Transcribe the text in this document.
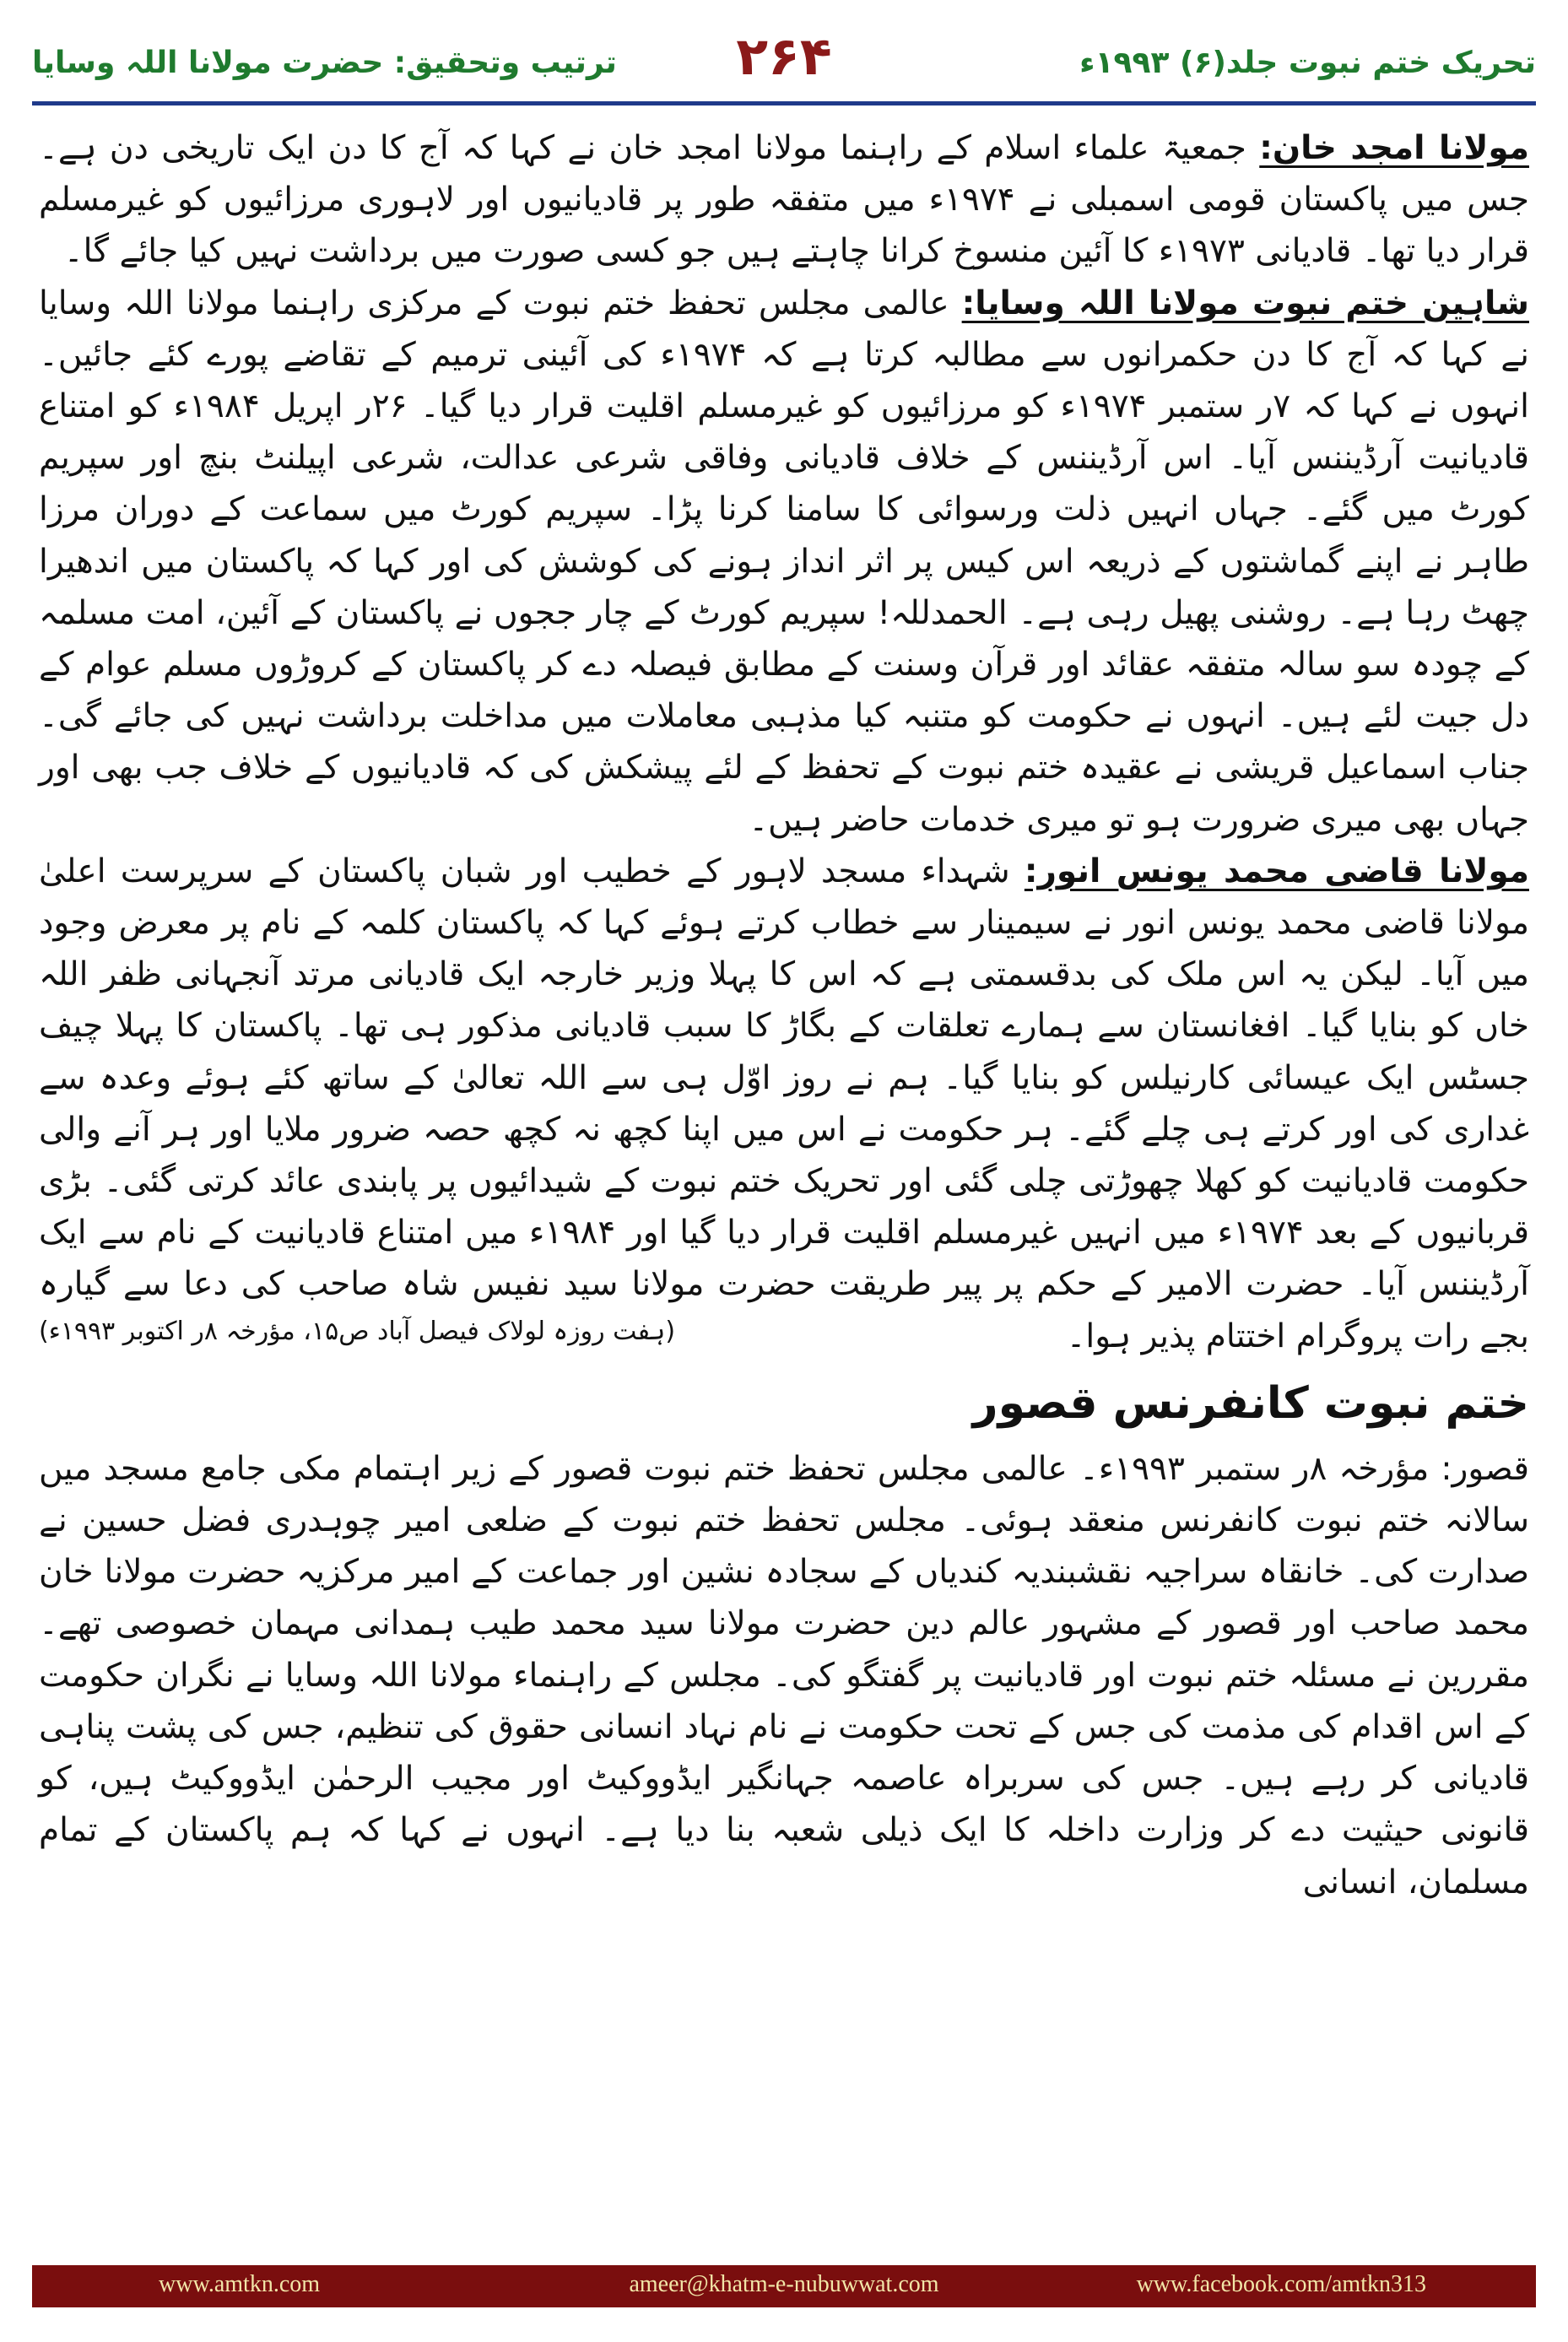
ترتیب وتحقیق: حضرت مولانا اللہ وسایا	۲۶۴	تحریک ختم نبوت جلد(۶) ۱۹۹۳ء

مولانا امجد خان: جمعیۃ علماء اسلام کے راہنما مولانا امجد خان نے کہا کہ آج کا دن ایک تاریخی دن ہے۔ جس میں پاکستان قومی اسمبلی نے ۱۹۷۴ء میں متفقہ طور پر قادیانیوں اور لاہوری مرزائیوں کو غیرمسلم قرار دیا تھا۔ قادیانی ۱۹۷۳ء کا آئین منسوخ کرانا چاہتے ہیں جو کسی صورت میں برداشت نہیں کیا جائے گا۔

شاہین ختم نبوت مولانا اللہ وسایا: عالمی مجلس تحفظ ختم نبوت کے مرکزی راہنما مولانا اللہ وسایا نے کہا کہ آج کا دن حکمرانوں سے مطالبہ کرتا ہے کہ ۱۹۷۴ء کی آئینی ترمیم کے تقاضے پورے کئے جائیں۔ انہوں نے کہا کہ ۷ر ستمبر ۱۹۷۴ء کو مرزائیوں کو غیرمسلم اقلیت قرار دیا گیا۔ ۲۶ر اپریل ۱۹۸۴ء کو امتناع قادیانیت آرڈیننس آیا۔ اس آرڈیننس کے خلاف قادیانی وفاقی شرعی عدالت، شرعی اپیلنٹ بنچ اور سپریم کورٹ میں گئے۔ جہاں انہیں ذلت ورسوائی کا سامنا کرنا پڑا۔ سپریم کورٹ میں سماعت کے دوران مرزا طاہر نے اپنے گماشتوں کے ذریعہ اس کیس پر اثر انداز ہونے کی کوشش کی اور کہا کہ پاکستان میں اندھیرا چھٹ رہا ہے۔ روشنی پھیل رہی ہے۔ الحمدللہ! سپریم کورٹ کے چار ججوں نے پاکستان کے آئین، امت مسلمہ کے چودہ سو سالہ متفقہ عقائد اور قرآن وسنت کے مطابق فیصلہ دے کر پاکستان کے کروڑوں مسلم عوام کے دل جیت لئے ہیں۔ انہوں نے حکومت کو متنبہ کیا مذہبی معاملات میں مداخلت برداشت نہیں کی جائے گی۔ جناب اسماعیل قریشی نے عقیدہ ختم نبوت کے تحفظ کے لئے پیشکش کی کہ قادیانیوں کے خلاف جب بھی اور جہاں بھی میری ضرورت ہو تو میری خدمات حاضر ہیں۔

مولانا قاضی محمد یونس انور: شہداء مسجد لاہور کے خطیب اور شبان پاکستان کے سرپرست اعلیٰ مولانا قاضی محمد یونس انور نے سیمینار سے خطاب کرتے ہوئے کہا کہ پاکستان کلمہ کے نام پر معرض وجود میں آیا۔ لیکن یہ اس ملک کی بدقسمتی ہے کہ اس کا پہلا وزیر خارجہ ایک قادیانی مرتد آنجہانی ظفر اللہ خاں کو بنایا گیا۔ افغانستان سے ہمارے تعلقات کے بگاڑ کا سبب قادیانی مذکور ہی تھا۔ پاکستان کا پہلا چیف جسٹس ایک عیسائی کارنیلس کو بنایا گیا۔ ہم نے روز اوّل ہی سے اللہ تعالیٰ کے ساتھ کئے ہوئے وعدہ سے غداری کی اور کرتے ہی چلے گئے۔ ہر حکومت نے اس میں اپنا کچھ نہ کچھ حصہ ضرور ملایا اور ہر آنے والی حکومت قادیانیت کو کھلا چھوڑتی چلی گئی اور تحریک ختم نبوت کے شیدائیوں پر پابندی عائد کرتی گئی۔ بڑی قربانیوں کے بعد ۱۹۷۴ء میں انہیں غیرمسلم اقلیت قرار دیا گیا اور ۱۹۸۴ء میں امتناع قادیانیت کے نام سے ایک آرڈیننس آیا۔ حضرت الامیر کے حکم پر پیر طریقت حضرت مولانا سید نفیس شاہ صاحب کی دعا سے گیارہ بجے رات پروگرام اختتام پذیر ہوا۔
(ہفت روزہ لولاک فیصل آباد ص۱۵، مؤرخہ ۸ر اکتوبر ۱۹۹۳ء)

ختم نبوت کانفرنس قصور

قصور: مؤرخہ ۸ر ستمبر ۱۹۹۳ء۔ عالمی مجلس تحفظ ختم نبوت قصور کے زیر اہتمام مکی جامع مسجد میں سالانہ ختم نبوت کانفرنس منعقد ہوئی۔ مجلس تحفظ ختم نبوت کے ضلعی امیر چوہدری فضل حسین نے صدارت کی۔ خانقاہ سراجیہ نقشبندیہ کندیاں کے سجادہ نشین اور جماعت کے امیر مرکزیہ حضرت مولانا خان محمد صاحب اور قصور کے مشہور عالم دین حضرت مولانا سید محمد طیب ہمدانی مہمان خصوصی تھے۔ مقررین نے مسئلہ ختم نبوت اور قادیانیت پر گفتگو کی۔ مجلس کے راہنماء مولانا اللہ وسایا نے نگران حکومت کے اس اقدام کی مذمت کی جس کے تحت حکومت نے نام نہاد انسانی حقوق کی تنظیم، جس کی پشت پناہی قادیانی کر رہے ہیں۔ جس کی سربراہ عاصمہ جہانگیر ایڈووکیٹ اور مجیب الرحمٰن ایڈووکیٹ ہیں، کو قانونی حیثیت دے کر وزارت داخلہ کا ایک ذیلی شعبہ بنا دیا ہے۔ انہوں نے کہا کہ ہم پاکستان کے تمام مسلمان، انسانی

www.amtkn.com	ameer@khatm-e-nubuwwat.com	www.facebook.com/amtkn313
